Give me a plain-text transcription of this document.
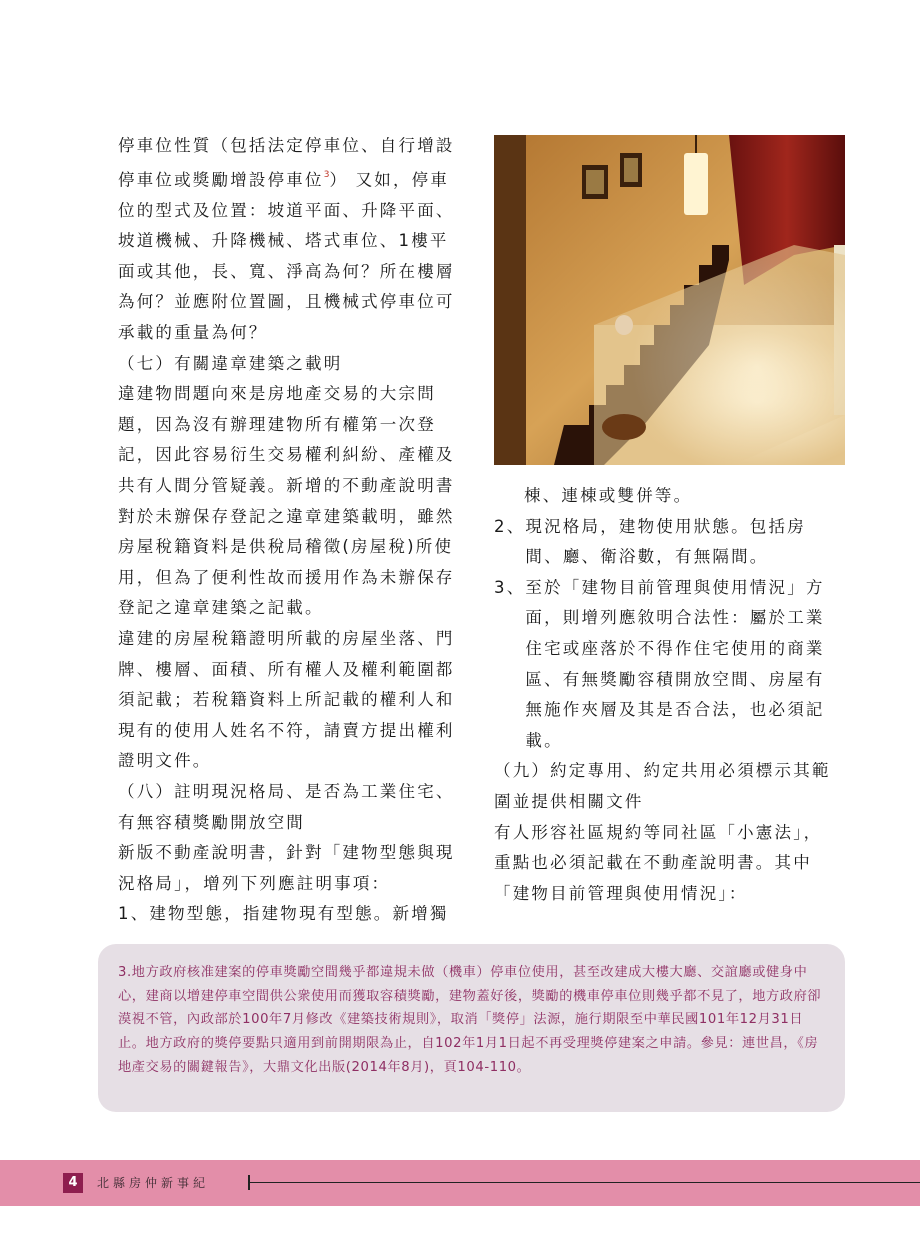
停車位性質（包括法定停車位、自行增設停車位或獎勵增設停車位$^3$） 又如，停車位的型式及位置：坡道平面、升降平面、坡道機械、升降機械、塔式車位、1樓平面或其他，長、寬、淨高為何？所在樓層為何？並應附位置圖，且機械式停車位可承載的重量為何？

（七）有關違章建築之載明

違建物問題向來是房地產交易的大宗問題，因為沒有辦理建物所有權第一次登記，因此容易衍生交易權利糾紛、產權及共有人間分管疑義。新增的不動產說明書對於未辦保存登記之違章建築載明，雖然房屋稅籍資料是供稅局稽徵(房屋稅)所使用，但為了便利性故而援用作為未辦保存登記之違章建築之記載。

違建的房屋稅籍證明所載的房屋坐落、門牌、樓層、面積、所有權人及權利範圍都須記載；若稅籍資料上所記載的權利人和現有的使用人姓名不符，請賣方提出權利證明文件。

（八）註明現況格局、是否為工業住宅、有無容積獎勵開放空間

新版不動產說明書，針對「建物型態與現況格局」，增列下列應註明事項：

1、 建物型態，指建物現有型態。新增獨

棟、連棟或雙併等。

2、 現況格局，建物使用狀態。包括房間、廳、衛浴數，有無隔間。
3、 至於「建物目前管理與使用情況」方面，則增列應敘明合法性：屬於工業住宅或座落於不得作住宅使用的商業區、有無獎勵容積開放空間、房屋有無施作夾層及其是否合法，也必須記載。

（九）約定專用、約定共用必須標示其範圍並提供相關文件

有人形容社區規約等同社區「小憲法」，重點也必須記載在不動產說明書。其中「建物目前管理與使用情況」：

3.地方政府核准建案的停車獎勵空間幾乎都違規未做（機車）停車位使用，甚至改建成大樓大廳、交誼廳或健身中心，建商以增建停車空間供公衆使用而獲取容積獎勵，建物蓋好後，獎勵的機車停車位則幾乎都不見了，地方政府卻漠視不管，內政部於100年7月修改《建築技術規則》，取消「獎停」法源，施行期限至中華民國101年12月31日止。地方政府的獎停要點只適用到前開期限為止，自102年1月1日起不再受理獎停建案之申請。參見：連世昌，《房地產交易的關鍵報告》，大鼎文化出版(2014年8月)，頁104-110。
4	北縣房仲新事紀
